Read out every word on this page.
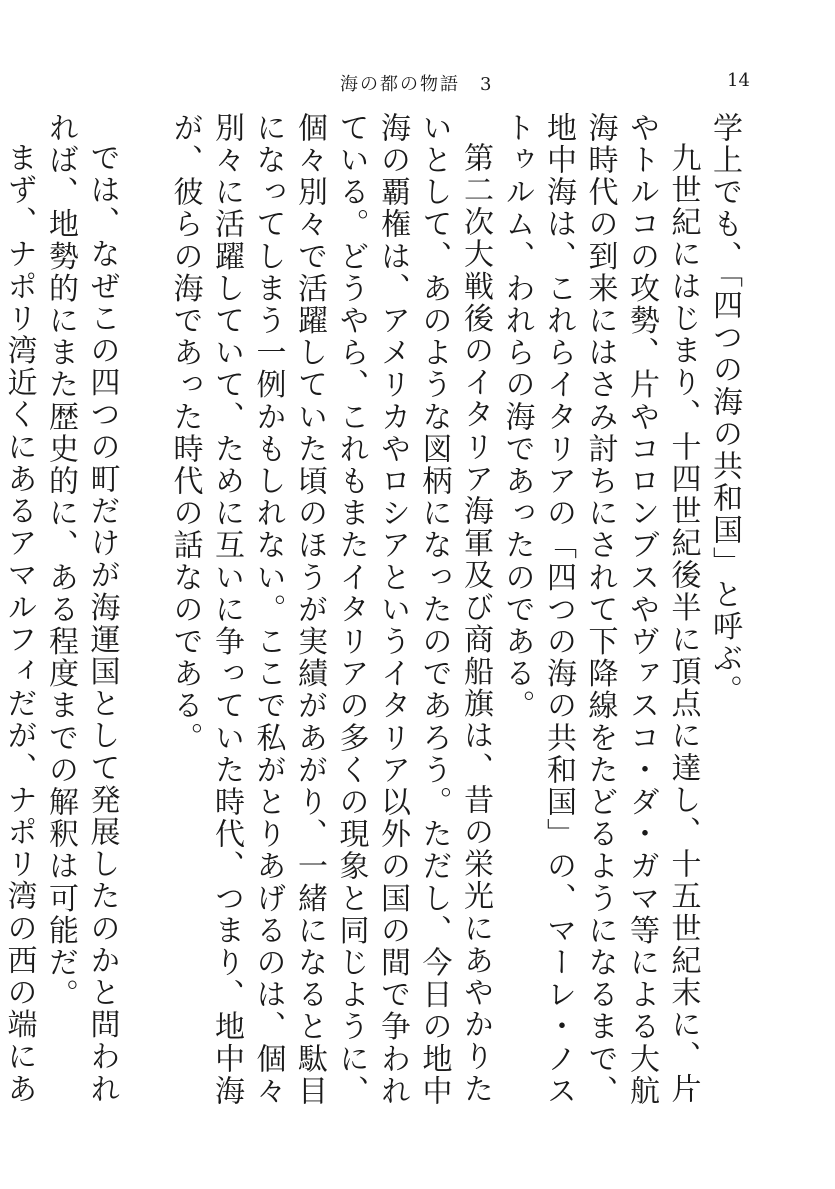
海の都の物語　3	14

学上でも、「四つの海の共和国」と呼ぶ。

九世紀にはじまり、十四世紀後半に頂点に達し、十五世紀末に、片やトルコの攻勢、片やコロンブスやヴァスコ・ダ・ガマ等による大航海時代の到来にはさみ討ちにされて下降線をたどるようになるまで、地中海は、これらイタリアの「四つの海の共和国」の、マーレ・ノストゥルム、われらの海であったのである。

第二次大戦後のイタリア海軍及び商船旗は、昔の栄光にあやかりたいとして、あのような図柄になったのであろう。ただし、今日の地中海の覇権は、アメリカやロシアというイタリア以外の国の間で争われている。どうやら、これもまたイタリアの多くの現象と同じように、個々別々で活躍していた頃のほうが実績があがり、一緒になると駄目になってしまう一例かもしれない。ここで私がとりあげるのは、個々別々に活躍していて、ために互いに争っていた時代、つまり、地中海が、彼らの海であった時代の話なのである。

では、なぜこの四つの町だけが海運国として発展したのかと問われれば、地勢的にまた歴史的に、ある程度までの解釈は可能だ。

まず、ナポリ湾近くにあるアマルフィだが、ナポリ湾の西の端にあ
